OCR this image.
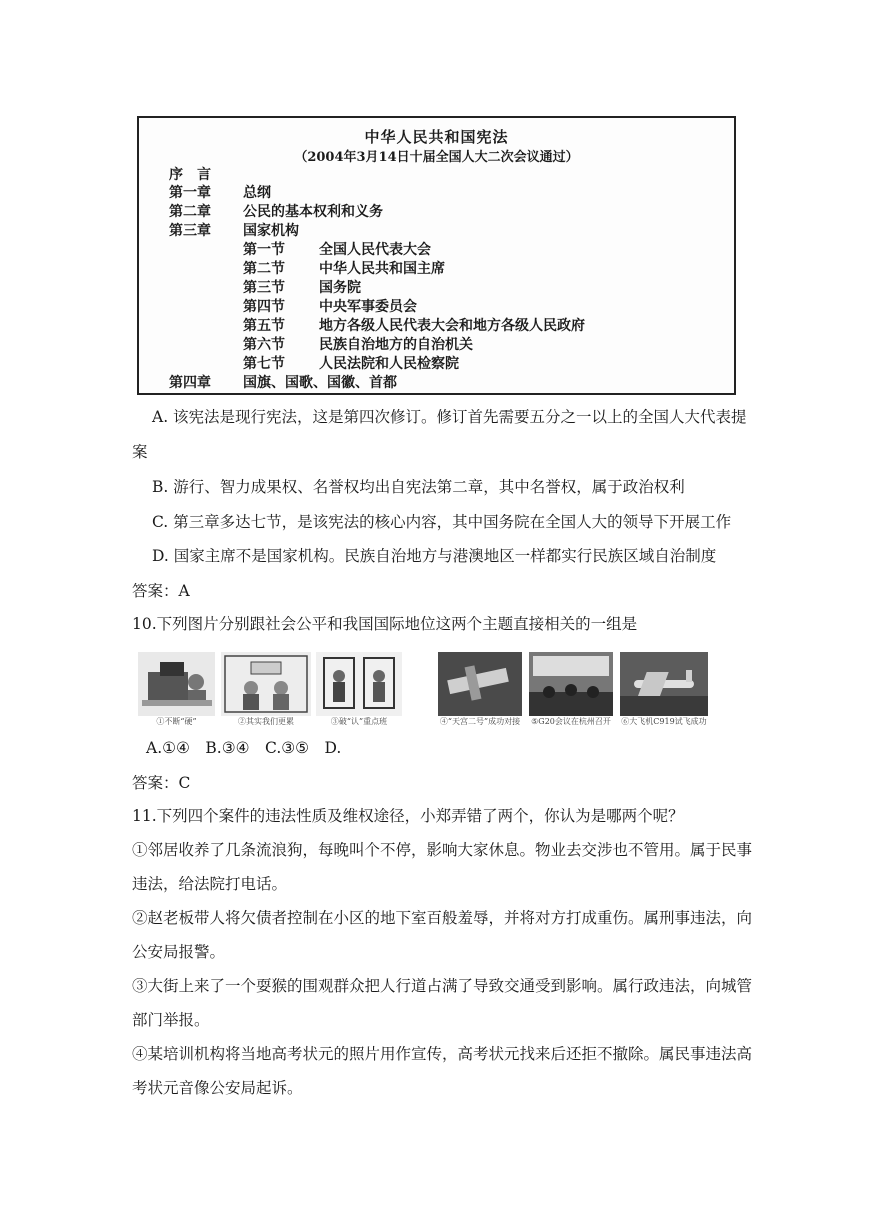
中华人民共和国宪法
（2004年3月14日十届全国人大二次会议通过）
序　言
第一章 总纲
第二章 公民的基本权利和义务
第三章 国家机构
第一节 全国人民代表大会
第二节 中华人民共和国主席
第三节 国务院
第四节 中央军事委员会
第五节 地方各级人民代表大会和地方各级人民政府
第六节 民族自治地方的自治机关
第七节 人民法院和人民检察院
第四章 国旗、国歌、国徽、首都
A. 该宪法是现行宪法，这是第四次修订。修订首先需要五分之一以上的全国人大代表提
案
B. 游行、智力成果权、名誉权均出自宪法第二章，其中名誉权，属于政治权利
C. 第三章多达七节，是该宪法的核心内容，其中国务院在全国人大的领导下开展工作
D. 国家主席不是国家机构。民族自治地方与港澳地区一样都实行民族区域自治制度
答案：A
10.下列图片分别跟社会公平和我国国际地位这两个主题直接相关的一组是
①不断“硬”	②其实我们更累	③破“认”重点班	④“天宫二号”成功对接 ⑤G20会议在杭州召开 ⑥大飞机C919试飞成功
A.①④　B.③④　C.③⑤　D.
答案：C
11.下列四个案件的违法性质及维权途径，小郑弄错了两个，你认为是哪两个呢？
①邻居收养了几条流浪狗，每晚叫个不停，影响大家休息。物业去交涉也不管用。属于民事
违法，给法院打电话。
②赵老板带人将欠债者控制在小区的地下室百般羞辱，并将对方打成重伤。属刑事违法，向
公安局报警。
③大街上来了一个耍猴的围观群众把人行道占满了导致交通受到影响。属行政违法，向城管
部门举报。
④某培训机构将当地高考状元的照片用作宣传，高考状元找来后还拒不撤除。属民事违法高
考状元音像公安局起诉。
